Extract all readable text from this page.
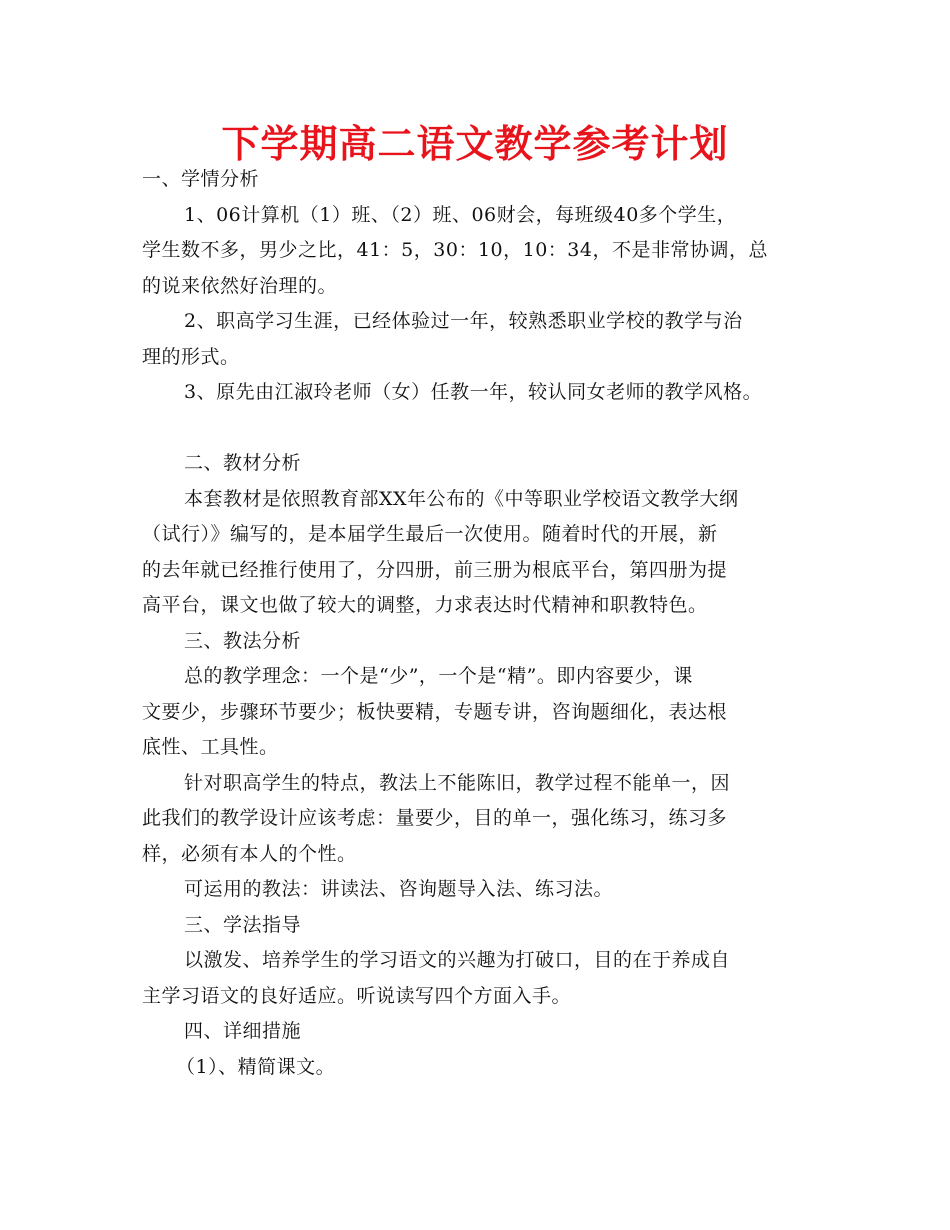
下学期高二语文教学参考计划

一、学情分析

1、06计算机（1）班、（2）班、06财会，每班级40多个学生，

学生数不多，男少之比，41：5，30：10，10：34，不是非常协调，总

的说来依然好治理的。

2、职高学习生涯，已经体验过一年，较熟悉职业学校的教学与治

理的形式。

3、原先由江淑玲老师（女）任教一年，较认同女老师的教学风格。

二、教材分析

本套教材是依照教育部XX年公布的《中等职业学校语文教学大纲

（试行）》编写的，是本届学生最后一次使用。随着时代的开展，新

的去年就已经推行使用了，分四册，前三册为根底平台，第四册为提

高平台，课文也做了较大的调整，力求表达时代精神和职教特色。

三、教法分析

总的教学理念：一个是“少”，一个是“精”。即内容要少，课

文要少，步骤环节要少；板快要精，专题专讲，咨询题细化，表达根

底性、工具性。

针对职高学生的特点，教法上不能陈旧，教学过程不能单一，因

此我们的教学设计应该考虑：量要少，目的单一，强化练习，练习多

样，必须有本人的个性。

可运用的教法：讲读法、咨询题导入法、练习法。

三、学法指导

以激发、培养学生的学习语文的兴趣为打破口，目的在于养成自

主学习语文的良好适应。听说读写四个方面入手。

四、详细措施

（1）、精简课文。
